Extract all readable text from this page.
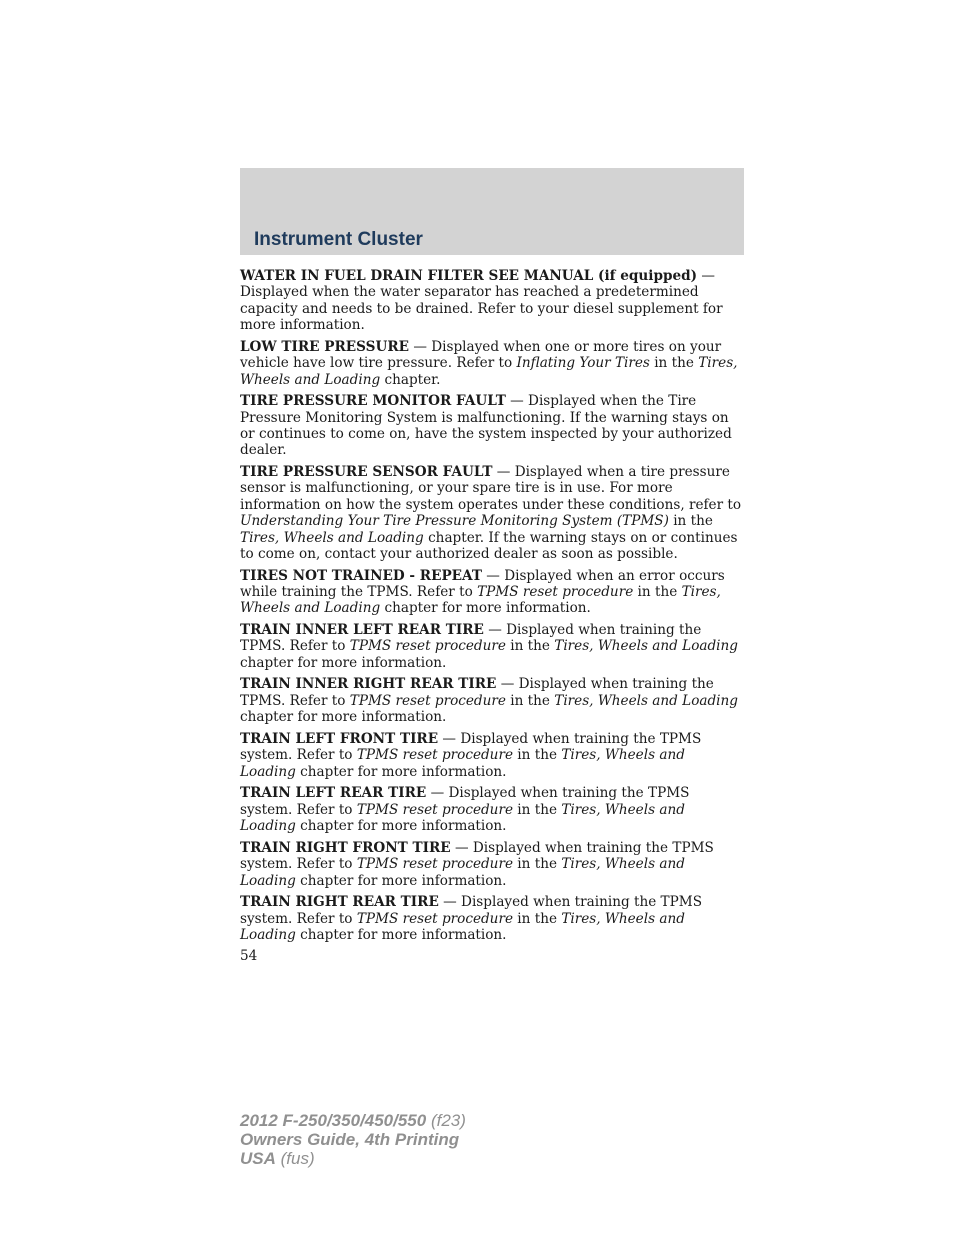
Instrument Cluster

WATER IN FUEL DRAIN FILTER SEE MANUAL (if equipped) — Displayed when the water separator has reached a predetermined capacity and needs to be drained. Refer to your diesel supplement for more information.

LOW TIRE PRESSURE — Displayed when one or more tires on your vehicle have low tire pressure. Refer to Inflating Your Tires in the Tires, Wheels and Loading chapter.

TIRE PRESSURE MONITOR FAULT — Displayed when the Tire Pressure Monitoring System is malfunctioning. If the warning stays on or continues to come on, have the system inspected by your authorized dealer.

TIRE PRESSURE SENSOR FAULT — Displayed when a tire pressure sensor is malfunctioning, or your spare tire is in use. For more information on how the system operates under these conditions, refer to Understanding Your Tire Pressure Monitoring System (TPMS) in the Tires, Wheels and Loading chapter. If the warning stays on or continues to come on, contact your authorized dealer as soon as possible.

TIRES NOT TRAINED - REPEAT — Displayed when an error occurs while training the TPMS. Refer to TPMS reset procedure in the Tires, Wheels and Loading chapter for more information.

TRAIN INNER LEFT REAR TIRE — Displayed when training the TPMS. Refer to TPMS reset procedure in the Tires, Wheels and Loading chapter for more information.

TRAIN INNER RIGHT REAR TIRE — Displayed when training the TPMS. Refer to TPMS reset procedure in the Tires, Wheels and Loading chapter for more information.

TRAIN LEFT FRONT TIRE — Displayed when training the TPMS system. Refer to TPMS reset procedure in the Tires, Wheels and Loading chapter for more information.

TRAIN LEFT REAR TIRE — Displayed when training the TPMS system. Refer to TPMS reset procedure in the Tires, Wheels and Loading chapter for more information.

TRAIN RIGHT FRONT TIRE — Displayed when training the TPMS system. Refer to TPMS reset procedure in the Tires, Wheels and Loading chapter for more information.

TRAIN RIGHT REAR TIRE — Displayed when training the TPMS system. Refer to TPMS reset procedure in the Tires, Wheels and Loading chapter for more information.

54
2012 F-250/350/450/550 (f23)
Owners Guide, 4th Printing
USA (fus)
